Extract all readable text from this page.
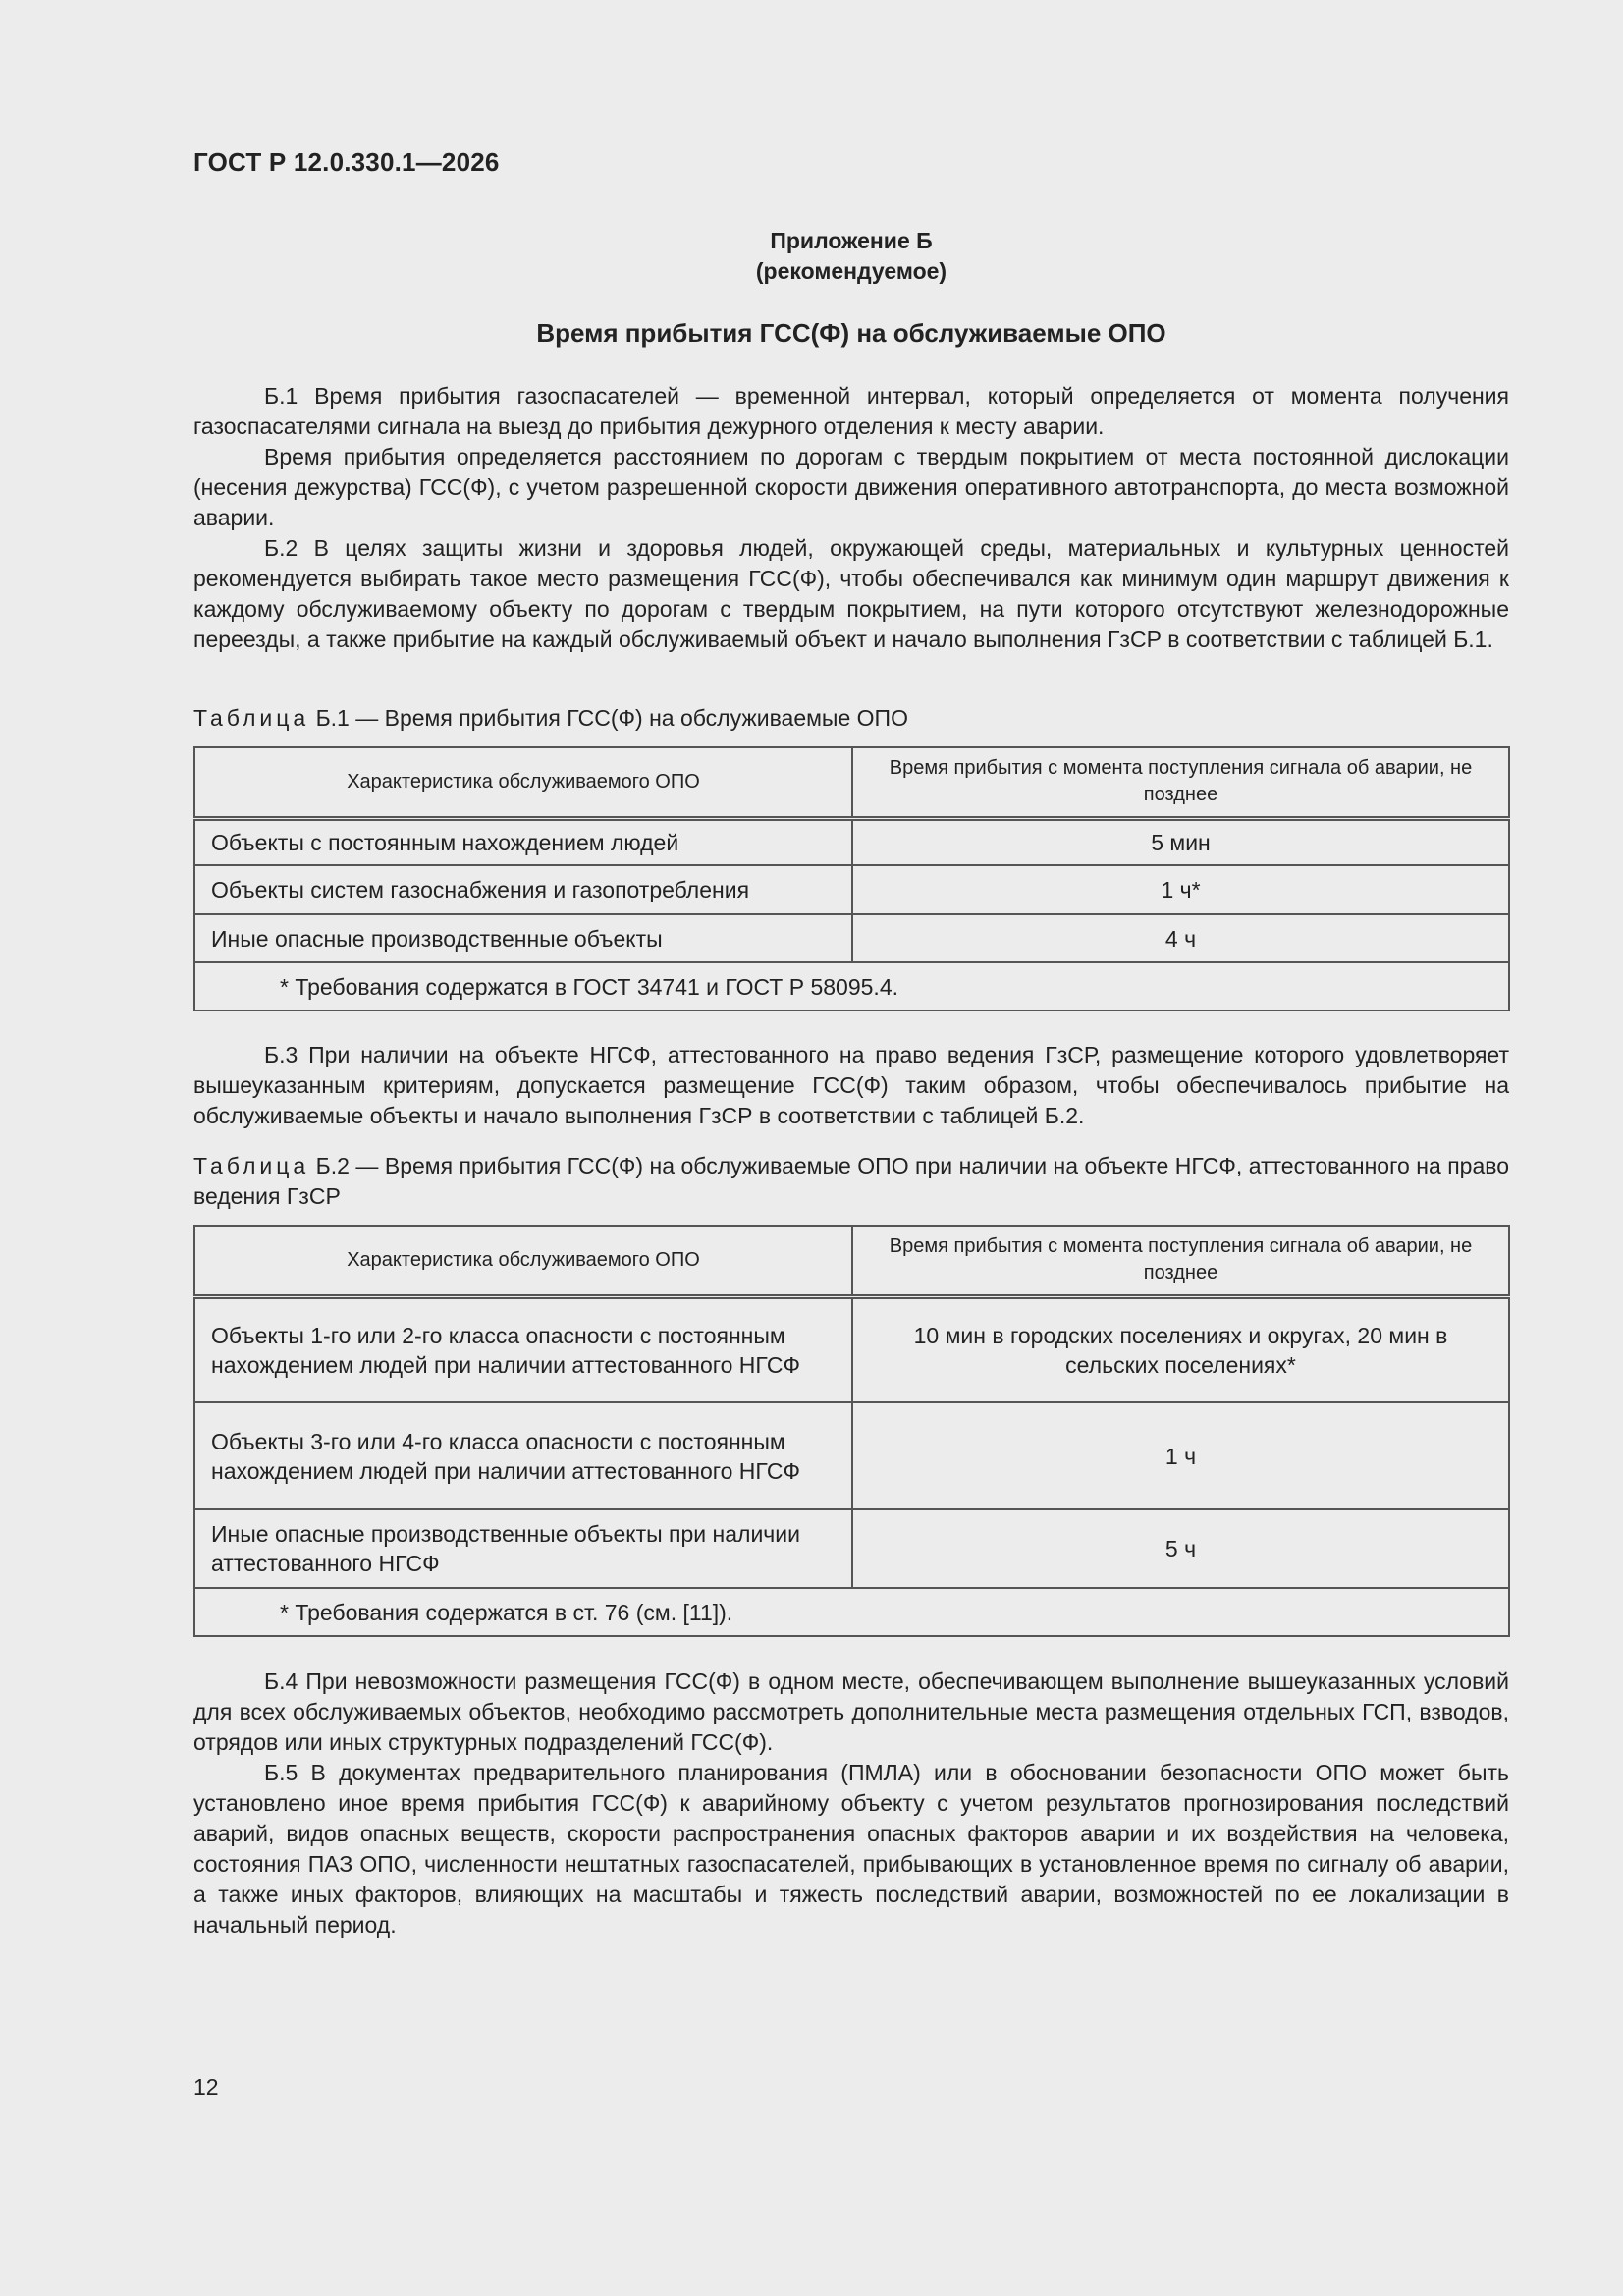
ГОСТ Р 12.0.330.1—2026
Приложение Б
(рекомендуемое)
Время прибытия ГСС(Ф) на обслуживаемые ОПО

Б.1 Время прибытия газоспасателей — временной интервал, который определяется от момента получения газоспасателями сигнала на выезд до прибытия дежурного отделения к месту аварии.

Время прибытия определяется расстоянием по дорогам с твердым покрытием от места постоянной дислокации (несения дежурства) ГСС(Ф), с учетом разрешенной скорости движения оперативного автотранспорта, до места возможной аварии.

Б.2 В целях защиты жизни и здоровья людей, окружающей среды, материальных и культурных ценностей рекомендуется выбирать такое место размещения ГСС(Ф), чтобы обеспечивался как минимум один маршрут движения к каждому обслуживаемому объекту по дорогам с твердым покрытием, на пути которого отсутствуют железнодорожные переезды, а также прибытие на каждый обслуживаемый объект и начало выполнения ГзСР в соответствии с таблицей Б.1.

Таблица Б.1 — Время прибытия ГСС(Ф) на обслуживаемые ОПО

Характеристика обслуживаемого ОПО	Время прибытия с момента поступления сигнала об аварии, не позднее
Объекты с постоянным нахождением людей	5 мин
Объекты систем газоснабжения и газопотребления	1 ч*
Иные опасные производственные объекты	4 ч
* Требования содержатся в ГОСТ 34741 и ГОСТ Р 58095.4.	

Б.3 При наличии на объекте НГСФ, аттестованного на право ведения ГзСР, размещение которого удовлетворяет вышеуказанным критериям, допускается размещение ГСС(Ф) таким образом, чтобы обеспечивалось прибытие на обслуживаемые объекты и начало выполнения ГзСР в соответствии с таблицей Б.2.

Таблица Б.2 — Время прибытия ГСС(Ф) на обслуживаемые ОПО при наличии на объекте НГСФ, аттестованного на право ведения ГзСР

Характеристика обслуживаемого ОПО	Время прибытия с момента поступления сигнала об аварии, не позднее
Объекты 1-го или 2-го класса опасности с постоянным нахождением людей при наличии аттестованного НГСФ	10 мин в городских поселениях и округах, 20 мин в сельских поселениях*
Объекты 3-го или 4-го класса опасности с постоянным нахождением людей при наличии аттестованного НГСФ	1 ч
Иные опасные производственные объекты при наличии аттестованного НГСФ	5 ч
* Требования содержатся в ст. 76 (см. [11]).	

Б.4 При невозможности размещения ГСС(Ф) в одном месте, обеспечивающем выполнение вышеуказанных условий для всех обслуживаемых объектов, необходимо рассмотреть дополнительные места размещения отдельных ГСП, взводов, отрядов или иных структурных подразделений ГСС(Ф).

Б.5 В документах предварительного планирования (ПМЛА) или в обосновании безопасности ОПО может быть установлено иное время прибытия ГСС(Ф) к аварийному объекту с учетом результатов прогнозирования последствий аварий, видов опасных веществ, скорости распространения опасных факторов аварии и их воздействия на человека, состояния ПАЗ ОПО, численности нештатных газоспасателей, прибывающих в установленное время по сигналу об аварии, а также иных факторов, влияющих на масштабы и тяжесть последствий аварии, возможностей по ее локализации в начальный период.

12
